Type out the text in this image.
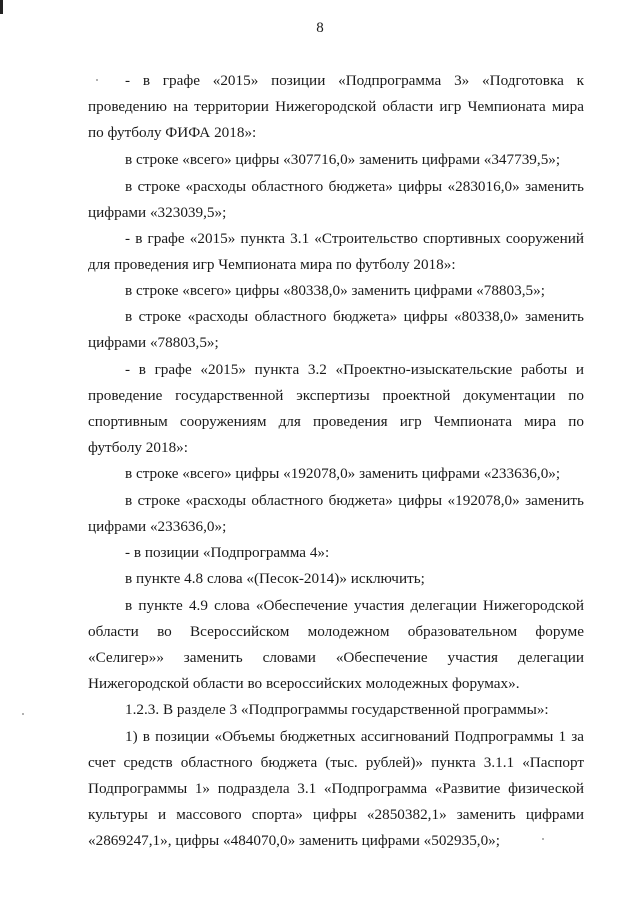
8
- в графе «2015» позиции «Подпрограмма 3» «Подготовка к
проведению на территории Нижегородской области игр Чемпионата мира
по футболу ФИФА 2018»:
в строке «всего» цифры «307716,0» заменить цифрами «347739,5»;
в строке «расходы областного бюджета» цифры «283016,0» заменить
цифрами «323039,5»;
- в графе «2015» пункта 3.1 «Строительство спортивных сооружений
для проведения игр Чемпионата мира по футболу 2018»:
в строке «всего» цифры «80338,0» заменить цифрами «78803,5»;
в строке «расходы областного бюджета» цифры «80338,0» заменить
цифрами «78803,5»;
- в графе «2015» пункта 3.2 «Проектно-изыскательские работы и
проведение государственной экспертизы проектной документации по
спортивным сооружениям для проведения игр Чемпионата мира по
футболу 2018»:
в строке «всего» цифры «192078,0» заменить цифрами «233636,0»;
в строке «расходы областного бюджета» цифры «192078,0» заменить
цифрами «233636,0»;
- в позиции «Подпрограмма 4»:
в пункте 4.8 слова «(Песок-2014)» исключить;
в пункте 4.9 слова «Обеспечение участия делегации Нижегородской
области во Всероссийском молодежном образовательном форуме
«Селигер»» заменить словами «Обеспечение участия делегации
Нижегородской области во всероссийских молодежных форумах».
1.2.3. В разделе 3 «Подпрограммы государственной программы»:
1) в позиции «Объемы бюджетных ассигнований Подпрограммы 1 за
счет средств областного бюджета (тыс. рублей)» пункта 3.1.1 «Паспорт
Подпрограммы 1» подраздела 3.1 «Подпрограмма «Развитие физической
культуры и массового спорта» цифры «2850382,1» заменить цифрами
«2869247,1», цифры «484070,0» заменить цифрами «502935,0»;
